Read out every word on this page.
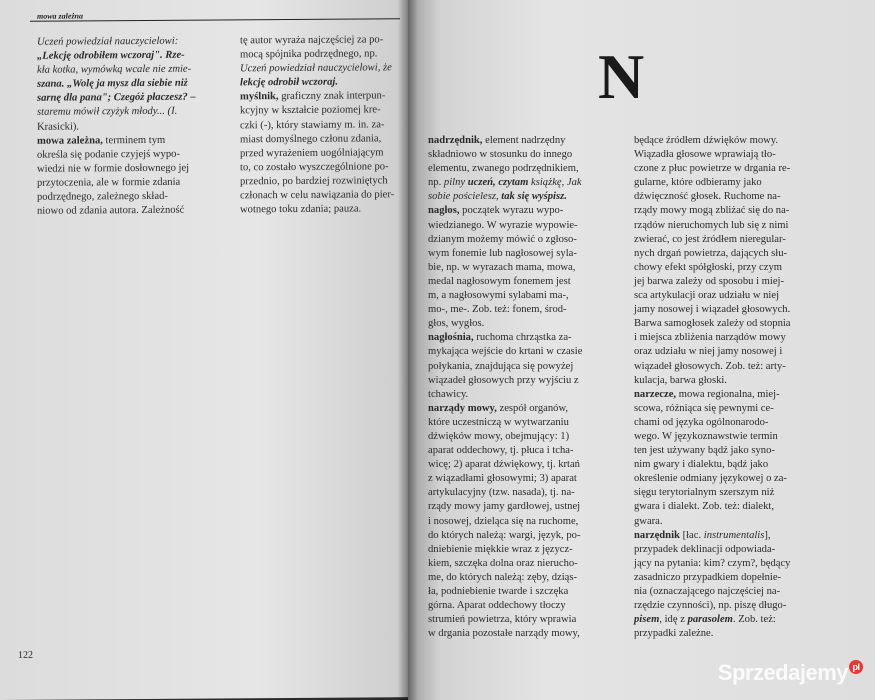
mowa zależna

Uczeń powiedział nauczycielowi:

„Lekcję odrobiłem wczoraj". Rze-

kła kotka, wymówką wcale nie zmie-

szana. „Wolę ja mysz dla siebie niż

sarnę dla pana"; Czegóż płaczesz? –

staremu mówił czyżyk młody... (I.

Krasicki).

mowa zależna, terminem tym

określa się podanie czyjejś wypo-

wiedzi nie w formie dosłownego jej

przytoczenia, ale w formie zdania

podrzędnego, zależnego skład-

niowo od zdania autora. Zależność

tę autor wyraża najczęściej za po-

mocą spójnika podrzędnego, np.

Uczeń powiedział nauczycielowi, że

lekcję odrobił wczoraj.

myślnik, graficzny znak interpun-

kcyjny w kształcie poziomej kre-

czki (-), który stawiamy m. in. za-

miast domyślnego członu zdania,

przed wyrażeniem uogólniającym

to, co zostało wyszczególnione po-

przednio, po bardziej rozwiniętych

członach w celu nawiązania do pier-

wotnego toku zdania; pauza.

122
N

nadrzędnik, element nadrzędny

składniowo w stosunku do innego

elementu, zwanego podrzędnikiem,

np. pilny uczeń, czytam książkę, Jak

sobie pościelesz, tak się wyśpisz.

nagłos, początek wyrazu wypo-

wiedzianego. W wyrazie wypowie-

dzianym możemy mówić o zgłoso-

wym fonemie lub nagłosowej syla-

bie, np. w wyrazach mama, mowa,

medal nagłosowym fonemem jest

m, a nagłosowymi sylabami ma-,

mo-, me-. Zob. też: fonem, środ-

głos, wygłos.

nagłośnia, ruchoma chrząstka za-

mykająca wejście do krtani w czasie

połykania, znajdująca się powyżej

wiązadeł głosowych przy wyjściu z

tchawicy.

narządy mowy, zespół organów,

które uczestniczą w wytwarzaniu

dźwięków mowy, obejmujący: 1)

aparat oddechowy, tj. płuca i tcha-

wicę; 2) aparat dźwiękowy, tj. krtań

z wiązadłami głosowymi; 3) aparat

artykulacyjny (tzw. nasada), tj. na-

rządy mowy jamy gardłowej, ustnej

i nosowej, dzieląca się na ruchome,

do których należą: wargi, język, po-

dniebienie miękkie wraz z języcz-

kiem, szczęka dolna oraz nierucho-

me, do których należą: zęby, dziąs-

ła, podniebienie twarde i szczęka

górna. Aparat oddechowy tłoczy

strumień powietrza, który wprawia

w drgania pozostałe narządy mowy,

będące źródłem dźwięków mowy.

Wiązadła głosowe wprawiają tło-

czone z płuc powietrze w drgania re-

gularne, które odbieramy jako

dźwięczność głosek. Ruchome na-

rządy mowy mogą zbliżać się do na-

rządów nieruchomych lub się z nimi

zwierać, co jest źródłem nieregular-

nych drgań powietrza, dających słu-

chowy efekt spółgłoski, przy czym

jej barwa zależy od sposobu i miej-

sca artykulacji oraz udziału w niej

jamy nosowej i wiązadeł głosowych.

Barwa samogłosek zależy od stopnia

i miejsca zbliżenia narządów mowy

oraz udziału w niej jamy nosowej i

wiązadeł głosowych. Zob. też: arty-

kulacja, barwa głoski.

narzecze, mowa regionalna, miej-

scowa, różniąca się pewnymi ce-

chami od języka ogólnonarodo-

wego. W językoznawstwie termin

ten jest używany bądź jako syno-

nim gwary i dialektu, bądź jako

określenie odmiany językowej o za-

sięgu terytorialnym szerszym niż

gwara i dialekt. Zob. też: dialekt,

gwara.

narzędnik [łac. instrumentalis],

przypadek deklinacji odpowiada-

jący na pytania: kim? czym?, będący

zasadniczo przypadkiem dopełnie-

nia (oznaczającego najczęściej na-

rzędzie czynności), np. piszę długo-

pisem, idę z parasolem. Zob. też:

przypadki zależne.

Sprzedajemy pl
